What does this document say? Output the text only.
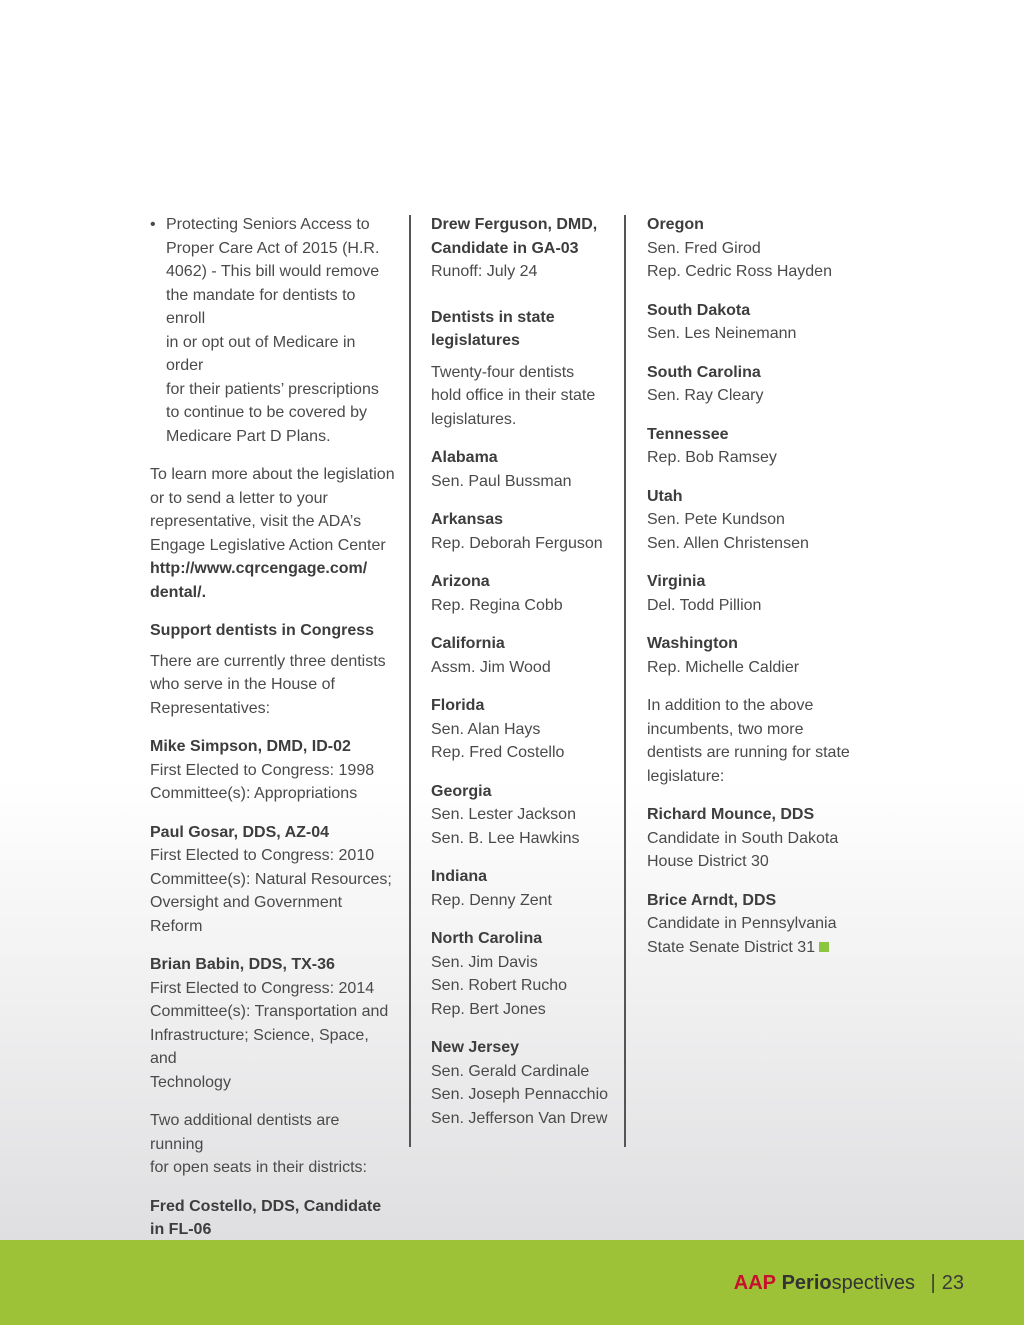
• Protecting Seniors Access to
Proper Care Act of 2015 (H.R.
4062) - This bill would remove
the mandate for dentists to enroll
in or opt out of Medicare in order
for their patients’ prescriptions
to continue to be covered by
Medicare Part D Plans.
To learn more about the legislation
or to send a letter to your
representative, visit the ADA’s
Engage Legislative Action Center
http://www.cqrcengage.com/
dental/.
Support dentists in Congress
There are currently three dentists
who serve in the House of
Representatives:
Mike Simpson, DMD, ID-02
First Elected to Congress: 1998
Committee(s): Appropriations
Paul Gosar, DDS, AZ-04
First Elected to Congress: 2010
Committee(s): Natural Resources;
Oversight and Government Reform
Brian Babin, DDS, TX-36
First Elected to Congress: 2014
Committee(s): Transportation and
Infrastructure; Science, Space, and
Technology
Two additional dentists are running
for open seats in their districts:
Fred Costello, DDS, Candidate
in FL-06
Drew Ferguson, DMD,
Candidate in GA-03
Runoff: July 24
Dentists in state
legislatures
Twenty-four dentists
hold office in their state
legislatures.
Alabama
Sen. Paul Bussman
Arkansas
Rep. Deborah Ferguson
Arizona
Rep. Regina Cobb
California
Assm. Jim Wood
Florida
Sen. Alan Hays
Rep. Fred Costello
Georgia
Sen. Lester Jackson
Sen. B. Lee Hawkins
Indiana
Rep. Denny Zent
North Carolina
Sen. Jim Davis
Sen. Robert Rucho
Rep. Bert Jones
New Jersey
Sen. Gerald Cardinale
Sen. Joseph Pennacchio
Sen. Jefferson Van Drew
Oregon
Sen. Fred Girod
Rep. Cedric Ross Hayden
South Dakota
Sen. Les Neinemann
South Carolina
Sen. Ray Cleary
Tennessee
Rep. Bob Ramsey
Utah
Sen. Pete Kundson
Sen. Allen Christensen
Virginia
Del. Todd Pillion
Washington
Rep. Michelle Caldier
In addition to the above
incumbents, two more
dentists are running for state
legislature:
Richard Mounce, DDS
Candidate in South Dakota
House District 30
Brice Arndt, DDS
Candidate in Pennsylvania
State Senate District 31
AAP Periospectives | 23
